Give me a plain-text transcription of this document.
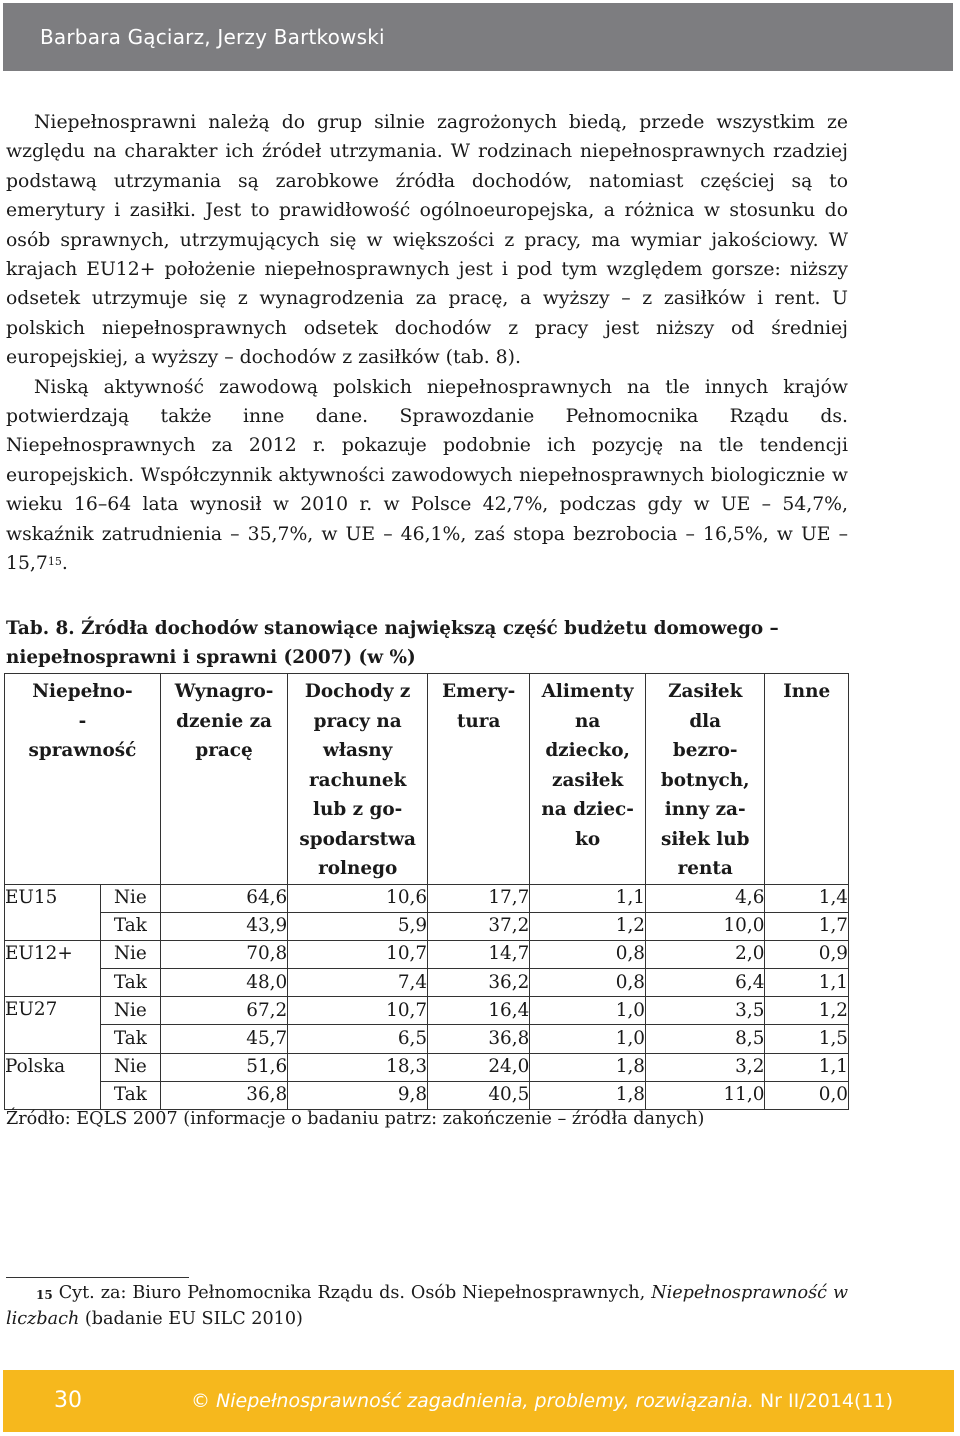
Barbara Gąciarz, Jerzy Bartkowski

Niepełnosprawni należą do grup silnie zagrożonych biedą, przede wszystkim ze względu na charakter ich źródeł utrzymania. W rodzinach niepełnosprawnych rzadziej podstawą utrzymania są zarobkowe źródła dochodów, natomiast częściej są to emerytury i zasiłki. Jest to prawidłowość ogólnoeuropejska, a różnica w stosunku do osób sprawnych, utrzymujących się w większości z pracy, ma wymiar jakościowy. W krajach EU12+ położenie niepełnosprawnych jest i pod tym względem gorsze: niższy odsetek utrzymuje się z wynagrodzenia za pracę, a wyższy – z zasiłków i rent. U polskich niepełnosprawnych odsetek dochodów z pracy jest niższy od średniej europejskiej, a wyższy – dochodów z zasiłków (tab. 8).

Niską aktywność zawodową polskich niepełnosprawnych na tle innych krajów potwierdzają także inne dane. Sprawozdanie Pełnomocnika Rządu ds. Niepełnosprawnych za 2012 r. pokazuje podobnie ich pozycję na tle tendencji europejskich. Współczynnik aktywności zawodowych niepełnosprawnych biologicznie w wieku 16–64 lata wynosił w 2010 r. w Polsce 42,7%, podczas gdy w UE – 54,7%, wskaźnik zatrudnienia – 35,7%, w UE – 46,1%, zaś stopa bezrobocia – 16,5%, w UE – 15,7$^{15}$.

Tab. 8. Źródła dochodów stanowiące największą część budżetu domowego – niepełnosprawni i sprawni (2007) (w %)
Niepełno- -sprawność		Wynagro- dzenie za pracę	Dochody z pracy na własny rachunek lub z go- spodarstwa rolnego	Emery- tura	Alimenty na dziecko, zasiłek na dziec- ko	Zasiłek dla bezro- botnych, inny za- siłek lub renta	Inne
EU15	Nie	64,6	10,6	17,7	1,1	4,6	1,4
	Tak	43,9	5,9	37,2	1,2	10,0	1,7
EU12+	Nie	70,8	10,7	14,7	0,8	2,0	0,9
	Tak	48,0	7,4	36,2	0,8	6,4	1,1
EU27	Nie	67,2	10,7	16,4	1,0	3,5	1,2
	Tak	45,7	6,5	36,8	1,0	8,5	1,5
Polska	Nie	51,6	18,3	24,0	1,8	3,2	1,1
	Tak	36,8	9,8	40,5	1,8	11,0	0,0
Źródło: EQLS 2007 (informacje o badaniu patrz: zakończenie – źródła danych)
$^{15}$ Cyt. za: Biuro Pełnomocnika Rządu ds. Osób Niepełnosprawnych, Niepełnosprawność w liczbach (badanie EU SILC 2010)
30	© Niepełnosprawność zagadnienia, problemy, rozwiązania. Nr II/2014(11)
